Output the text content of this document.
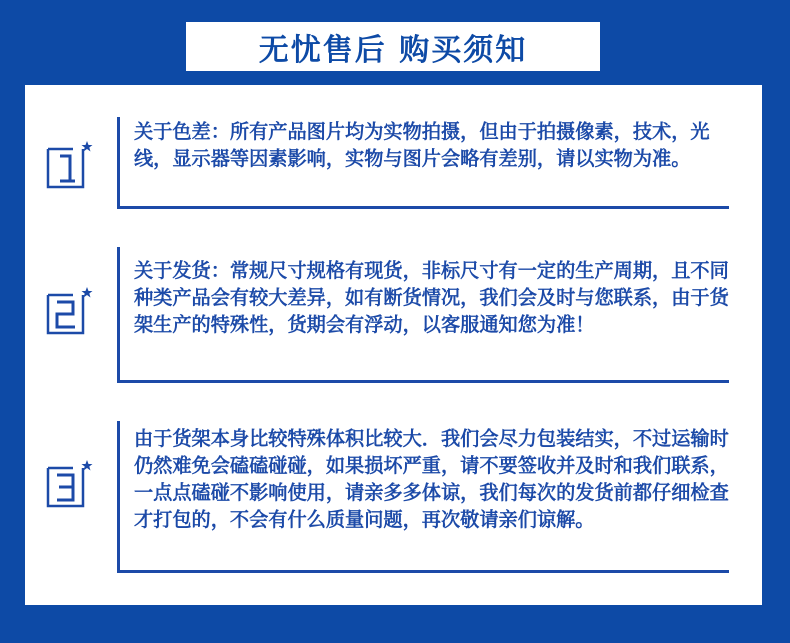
无忧售后 购买须知

关于色差：所有产品图片均为实物拍摄，但由于拍摄像素，技术，光线，显示器等因素影响，实物与图片会略有差别，请以实物为准。

关于发货：常规尺寸规格有现货，非标尺寸有一定的生产周期，且不同种类产品会有较大差异，如有断货情况，我们会及时与您联系，由于货架生产的特殊性，货期会有浮动，以客服通知您为准！

由于货架本身比较特殊体积比较大．我们会尽力包装结实，不过运输时仍然难免会磕磕碰碰，如果损坏严重，请不要签收并及时和我们联系，一点点磕碰不影响使用，请亲多多体谅，我们每次的发货前都仔细检查才打包的，不会有什么质量问题，再次敬请亲们谅解。
